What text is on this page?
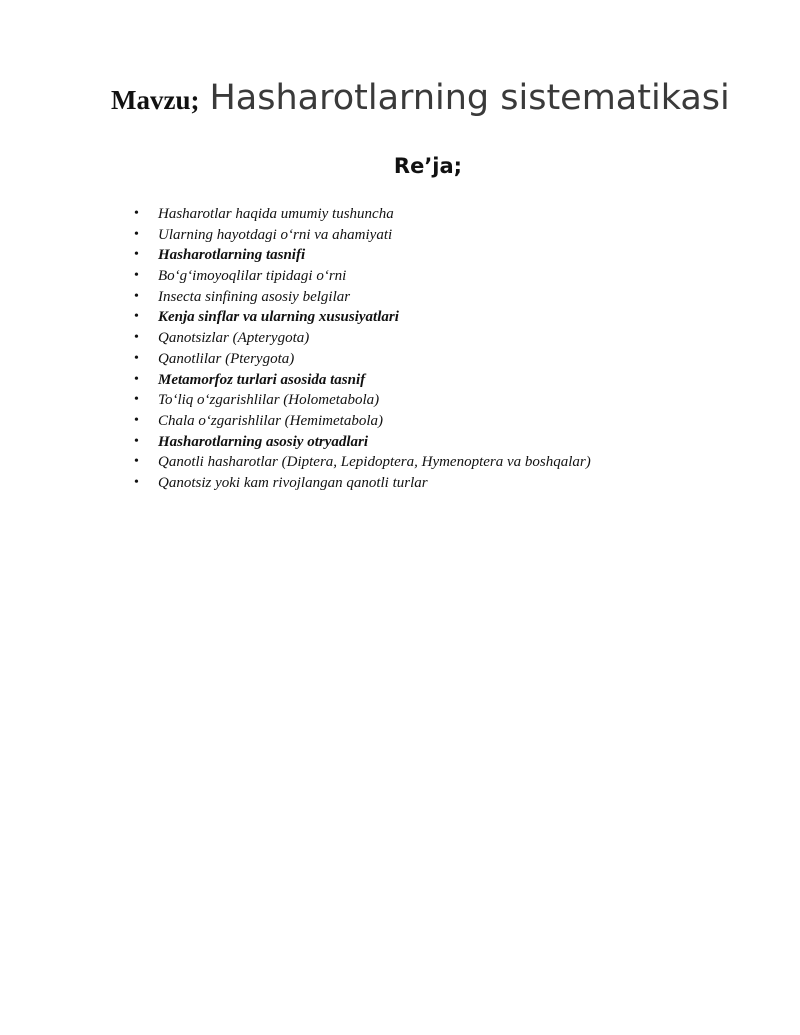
Mavzu; Hasharotlarning sistematikasi
Re’ja;
• Hasharotlar haqida umumiy tushuncha
• Ularning hayotdagi o‘rni va ahamiyati
• Hasharotlarning tasnifi
• Bo‘g‘imoyoqlilar tipidagi o‘rni
• Insecta sinfining asosiy belgilar
• Kenja sinflar va ularning xususiyatlari
• Qanotsizlar (Apterygota)
• Qanotlilar (Pterygota)
• Metamorfoz turlari asosida tasnif
• To‘liq o‘zgarishlilar (Holometabola)
• Chala o‘zgarishlilar (Hemimetabola)
• Hasharotlarning asosiy otryadlari
• Qanotli hasharotlar (Diptera, Lepidoptera, Hymenoptera va boshqalar)
• Qanotsiz yoki kam rivojlangan qanotli turlar
